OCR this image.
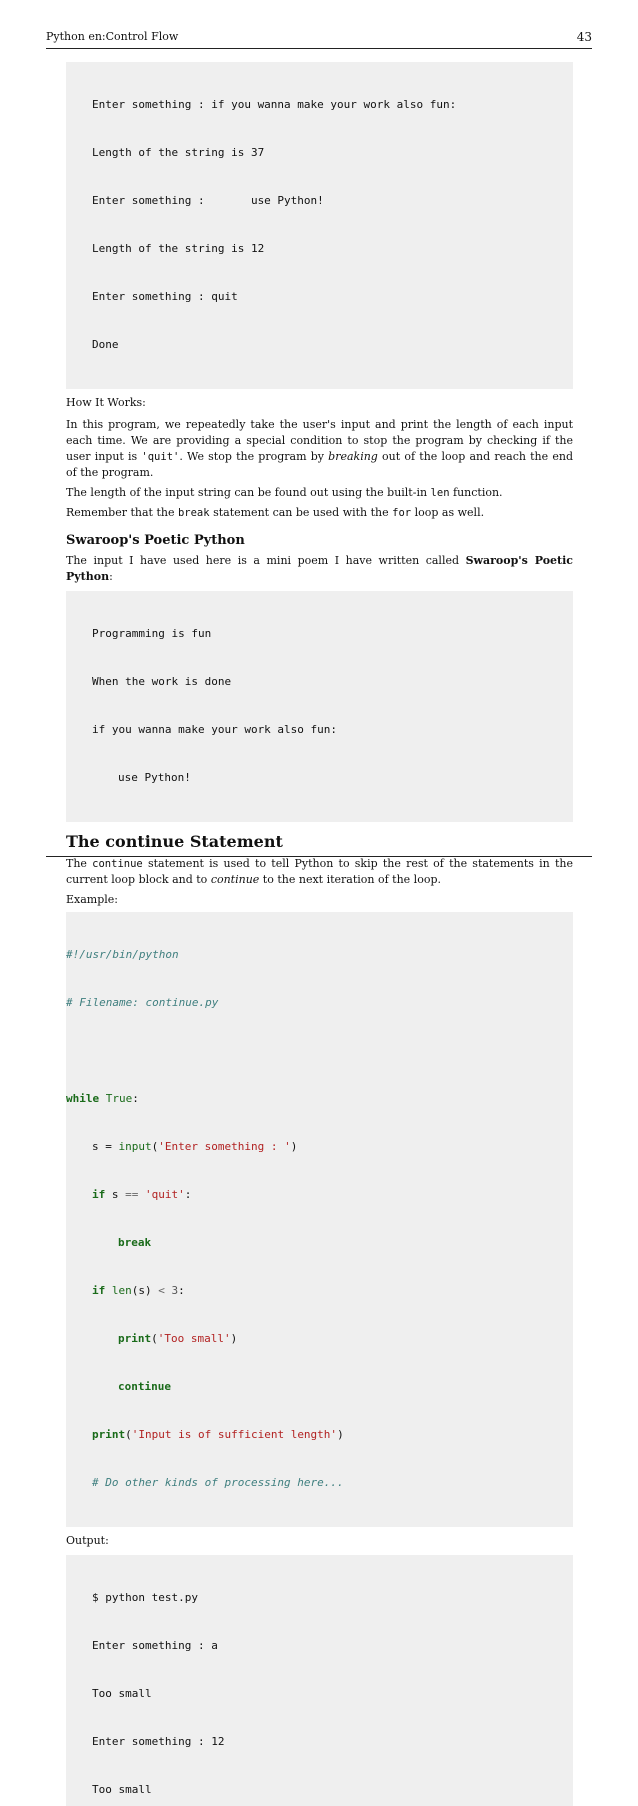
Python en:Control Flow	43

Enter something : if you wanna make your work also fun:

Length of the string is 37

Enter something :       use Python!

Length of the string is 12

Enter something : quit

Done

How It Works:

In this program, we repeatedly take the user's input and print the length of each input each time. We are providing a special condition to stop the program by checking if the user input is 'quit'. We stop the program by breaking out of the loop and reach the end of the program.

The length of the input string can be found out using the built-in len function.

Remember that the break statement can be used with the for loop as well.

Swaroop's Poetic Python

The input I have used here is a mini poem I have written called Swaroop's Poetic Python:

Programming is fun

When the work is done

if you wanna make your work also fun:

use Python!

The continue Statement

The continue statement is used to tell Python to skip the rest of the statements in the current loop block and to continue to the next iteration of the loop.

Example:

#!/usr/bin/python

# Filename: continue.py

while True:

s = input('Enter something : ')

if s == 'quit':

break

if len(s) < 3:

print('Too small')

continue

print('Input is of sufficient length')

# Do other kinds of processing here...

Output:

$ python test.py

Enter something : a

Too small

Enter something : 12

Too small
